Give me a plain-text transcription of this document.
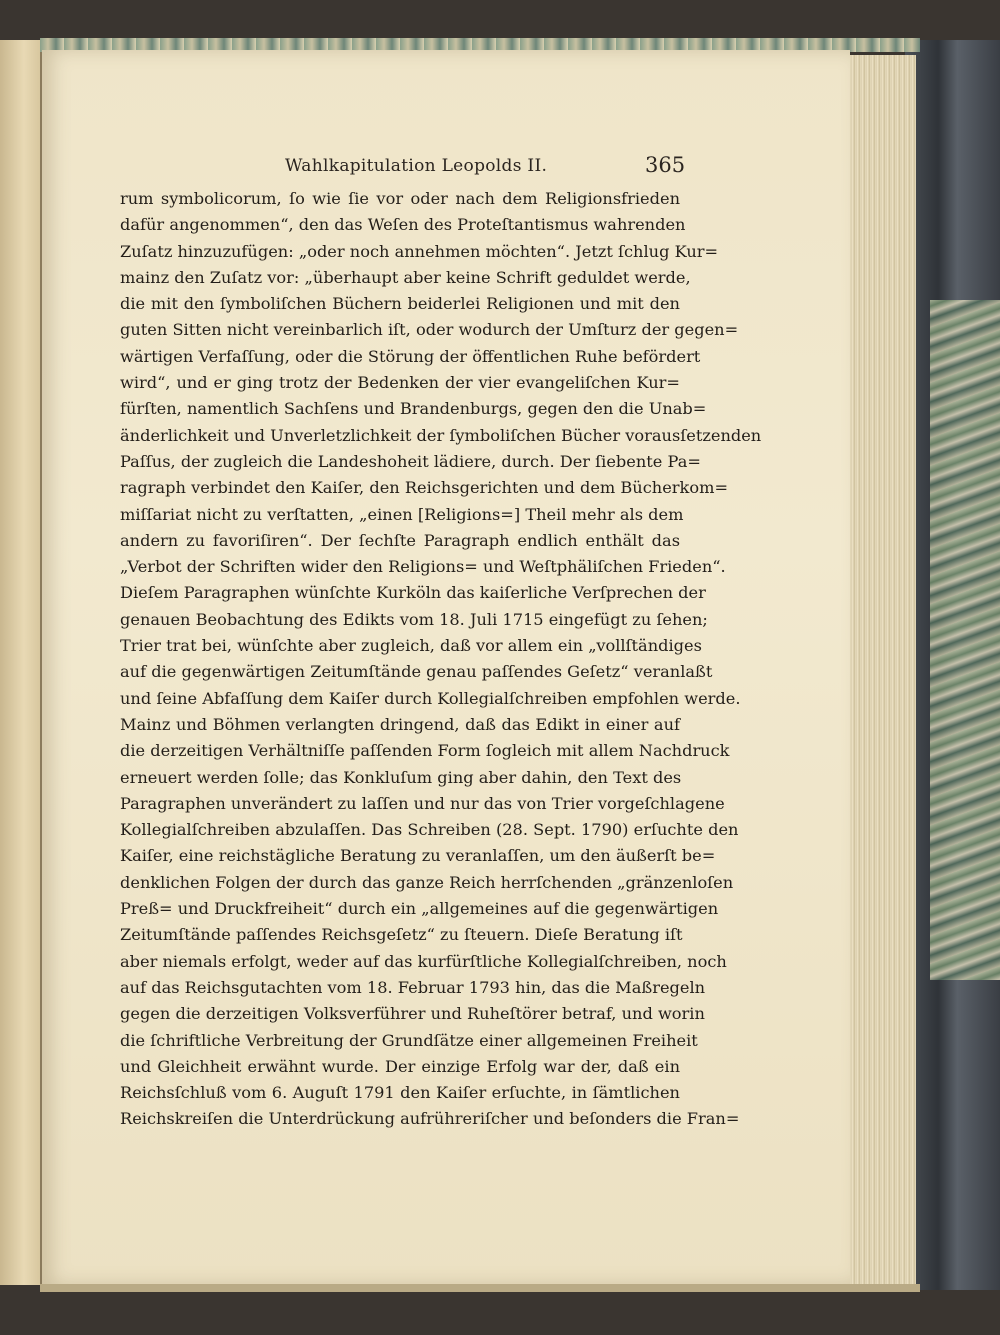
Wahlkapitulation Leopolds II.	365
rum symbolicorum, ſo wie ſie vor oder nach dem Religionsfrieden
dafür angenommen“, den das Weſen des Proteſtantismus wahrenden
Zuſatz hinzuzufügen: „oder noch annehmen möchten“. Jetzt ſchlug Kur=
mainz den Zuſatz vor: „überhaupt aber keine Schrift geduldet werde,
die mit den ſymboliſchen Büchern beiderlei Religionen und mit den
guten Sitten nicht vereinbarlich iſt, oder wodurch der Umſturz der gegen=
wärtigen Verfaſſung, oder die Störung der öffentlichen Ruhe befördert
wird“, und er ging trotz der Bedenken der vier evangeliſchen Kur=
fürſten, namentlich Sachſens und Brandenburgs, gegen den die Unab=
änderlichkeit und Unverletzlichkeit der ſymboliſchen Bücher vorausſetzenden
Paſſus, der zugleich die Landeshoheit lädiere, durch. Der ſiebente Pa=
ragraph verbindet den Kaiſer, den Reichsgerichten und dem Bücherkom=
miſſariat nicht zu verſtatten, „einen [Religions=] Theil mehr als dem
andern zu favoriſiren“. Der ſechſte Paragraph endlich enthält das
„Verbot der Schriften wider den Religions= und Weſtphäliſchen Frieden“.
Dieſem Paragraphen wünſchte Kurköln das kaiſerliche Verſprechen der
genauen Beobachtung des Edikts vom 18. Juli 1715 eingefügt zu ſehen;
Trier trat bei, wünſchte aber zugleich, daß vor allem ein „vollſtändiges
auf die gegenwärtigen Zeitumſtände genau paſſendes Geſetz“ veranlaßt
und ſeine Abfaſſung dem Kaiſer durch Kollegialſchreiben empfohlen werde.
Mainz und Böhmen verlangten dringend, daß das Edikt in einer auf
die derzeitigen Verhältniſſe paſſenden Form ſogleich mit allem Nachdruck
erneuert werden ſolle; das Konkluſum ging aber dahin, den Text des
Paragraphen unverändert zu laſſen und nur das von Trier vorgeſchlagene
Kollegialſchreiben abzulaſſen. Das Schreiben (28. Sept. 1790) erſuchte den
Kaiſer, eine reichstägliche Beratung zu veranlaſſen, um den äußerſt be=
denklichen Folgen der durch das ganze Reich herrſchenden „gränzenloſen
Preß= und Druckfreiheit“ durch ein „allgemeines auf die gegenwärtigen
Zeitumſtände paſſendes Reichsgeſetz“ zu ſteuern. Dieſe Beratung iſt
aber niemals erfolgt, weder auf das kurfürſtliche Kollegialſchreiben, noch
auf das Reichsgutachten vom 18. Februar 1793 hin, das die Maßregeln
gegen die derzeitigen Volksverführer und Ruheſtörer betraf, und worin
die ſchriftliche Verbreitung der Grundſätze einer allgemeinen Freiheit
und Gleichheit erwähnt wurde. Der einzige Erfolg war der, daß ein
Reichsſchluß vom 6. Auguſt 1791 den Kaiſer erſuchte, in ſämtlichen
Reichskreiſen die Unterdrückung aufrühreriſcher und beſonders die Fran=
